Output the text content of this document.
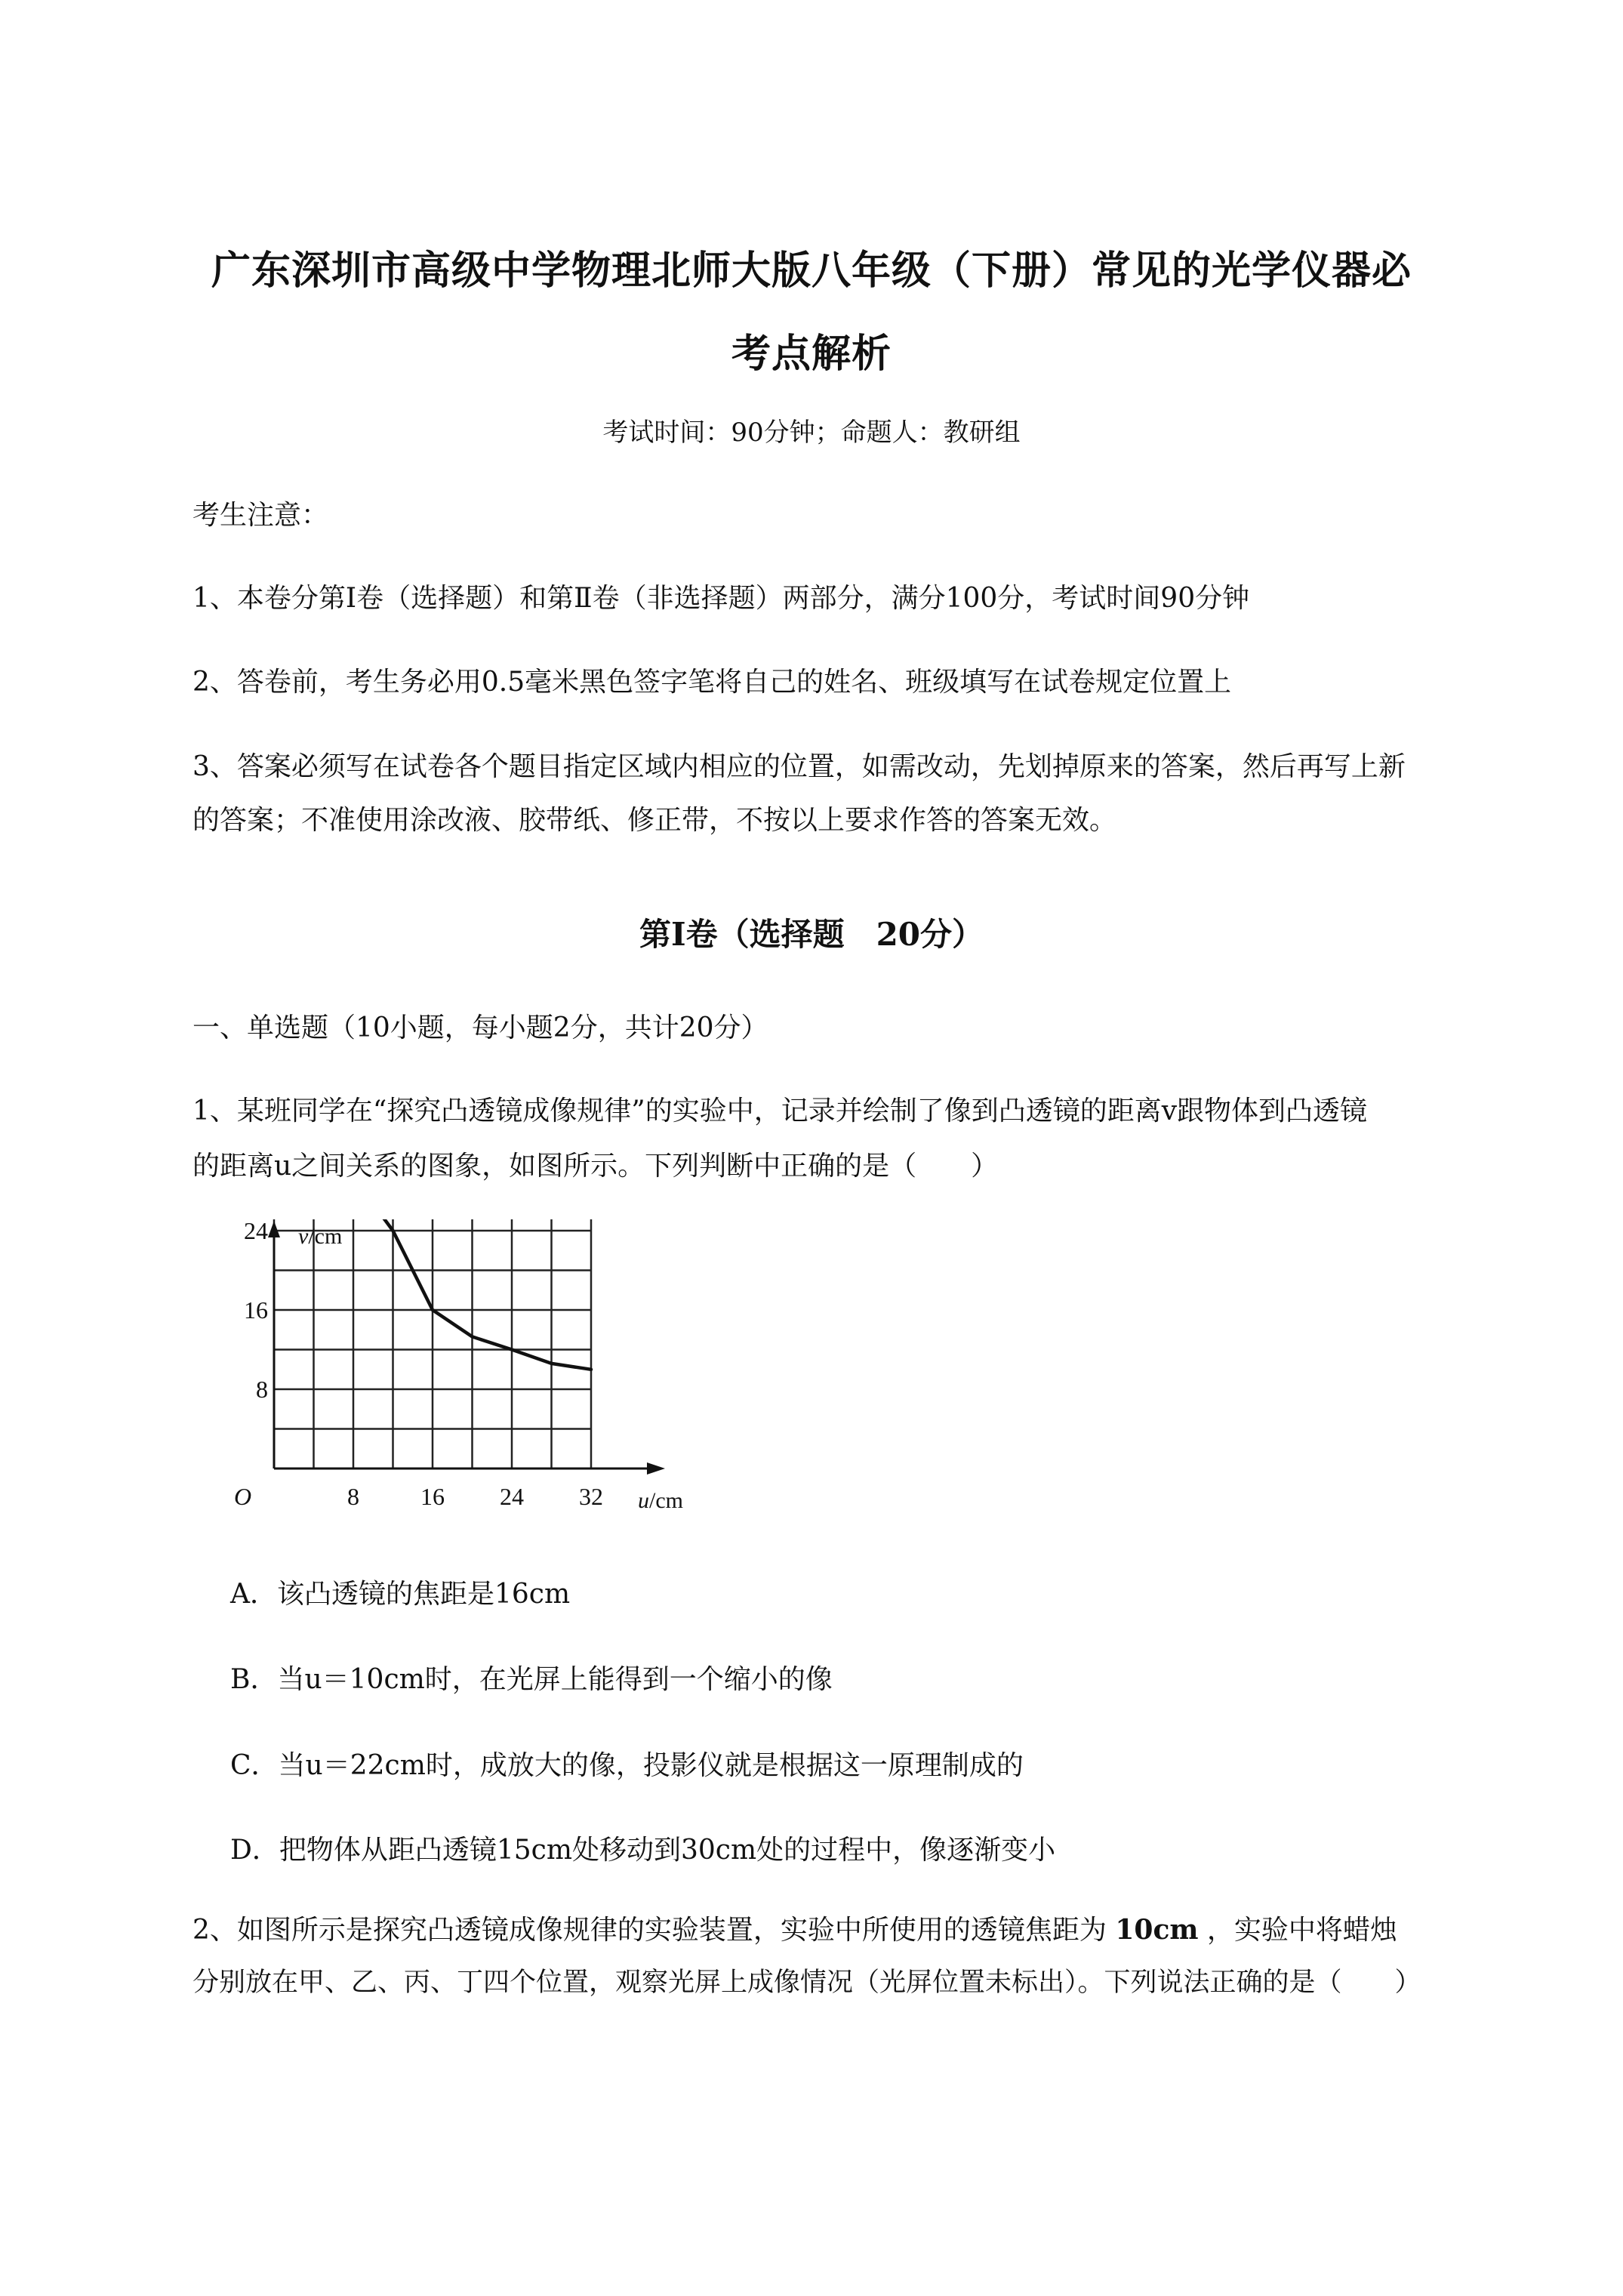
广东深圳市高级中学物理北师大版八年级（下册）常见的光学仪器必
考点解析
考试时间：90分钟；命题人：教研组
考生注意：
1、本卷分第Ⅰ卷（选择题）和第Ⅱ卷（非选择题）两部分，满分100分，考试时间90分钟
2、答卷前，考生务必用0.5毫米黑色签字笔将自己的姓名、班级填写在试卷规定位置上
3、答案必须写在试卷各个题目指定区域内相应的位置，如需改动，先划掉原来的答案，然后再写上新
的答案；不准使用涂改液、胶带纸、修正带，不按以上要求作答的答案无效。
第Ⅰ卷（选择题　20分）
一、单选题（10小题，每小题2分，共计20分）
1、某班同学在“探究凸透镜成像规律”的实验中，记录并绘制了像到凸透镜的距离v跟物体到凸透镜
的距离u之间关系的图象，如图所示。下列判断中正确的是（　　）
8	16 24 32
8
16
24
O
v/cm
u/cm
A．该凸透镜的焦距是16cm
B．当u＝10cm时，在光屏上能得到一个缩小的像
C．当u＝22cm时，成放大的像，投影仪就是根据这一原理制成的
D．把物体从距凸透镜15cm处移动到30cm处的过程中，像逐渐变小
2、如图所示是探究凸透镜成像规律的实验装置，实验中所使用的透镜焦距为 10cm ，实验中将蜡烛
分别放在甲、乙、丙、丁四个位置，观察光屏上成像情况（光屏位置未标出）。下列说法正确的是（　　）
